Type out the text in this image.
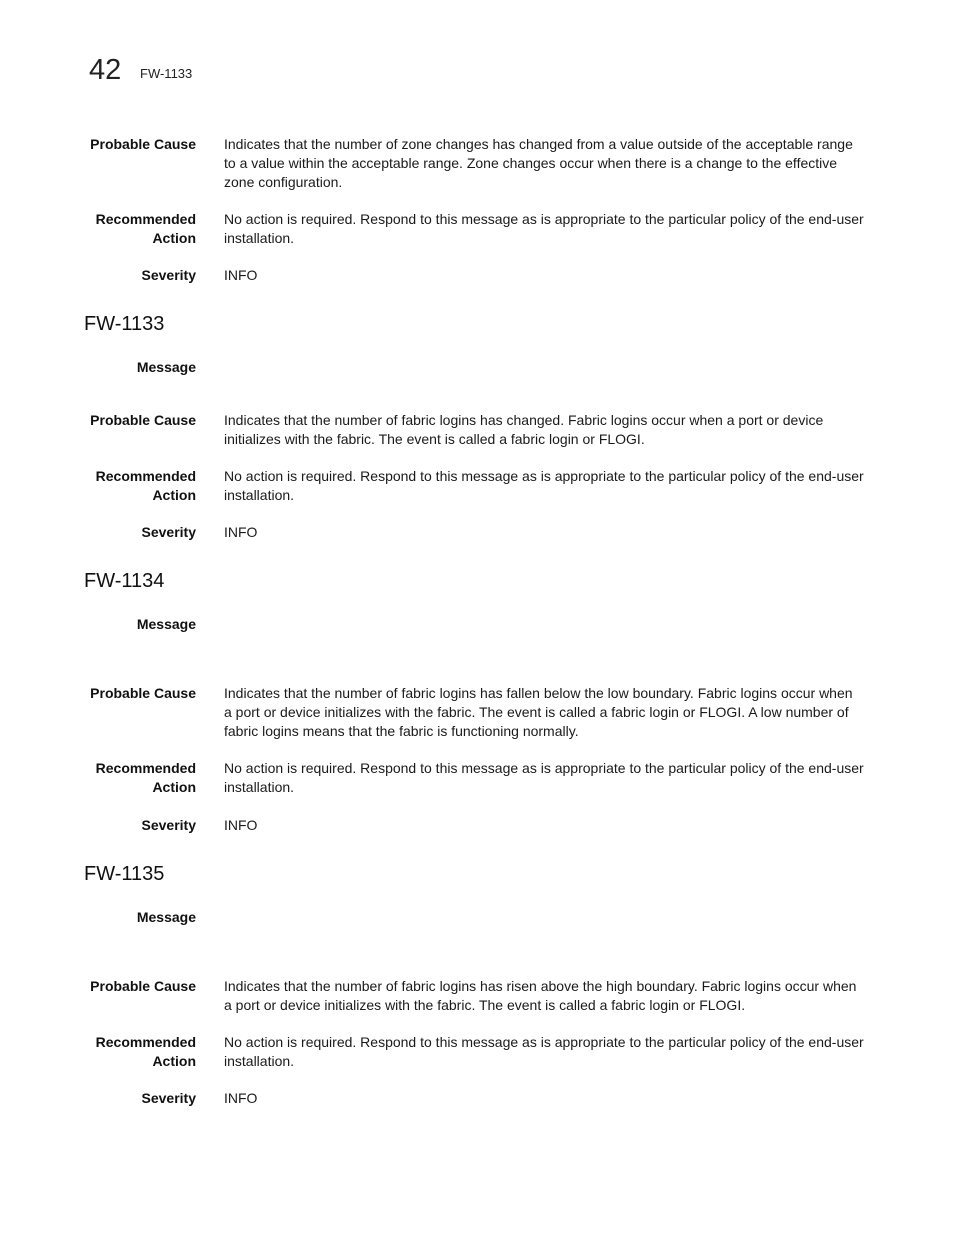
42 FW-1133
Probable Cause Indicates that the number of zone changes has changed from a value outside of the acceptable range to a value within the acceptable range. Zone changes occur when there is a change to the effective zone configuration.
Recommended
Action
No action is required. Respond to this message as is appropriate to the particular policy of the end-user installation.
Severity INFO
FW-1133
Message
Probable Cause Indicates that the number of fabric logins has changed. Fabric logins occur when a port or device initializes with the fabric. The event is called a fabric login or FLOGI.
Recommended
Action
No action is required. Respond to this message as is appropriate to the particular policy of the end-user installation.
Severity INFO
FW-1134
Message
Probable Cause Indicates that the number of fabric logins has fallen below the low boundary. Fabric logins occur when a port or device initializes with the fabric. The event is called a fabric login or FLOGI. A low number of fabric logins means that the fabric is functioning normally.
Recommended
Action
No action is required. Respond to this message as is appropriate to the particular policy of the end-user installation.
Severity INFO
FW-1135
Message
Probable Cause Indicates that the number of fabric logins has risen above the high boundary. Fabric logins occur when a port or device initializes with the fabric. The event is called a fabric login or FLOGI.
Recommended
Action
No action is required. Respond to this message as is appropriate to the particular policy of the end-user installation.
Severity INFO
